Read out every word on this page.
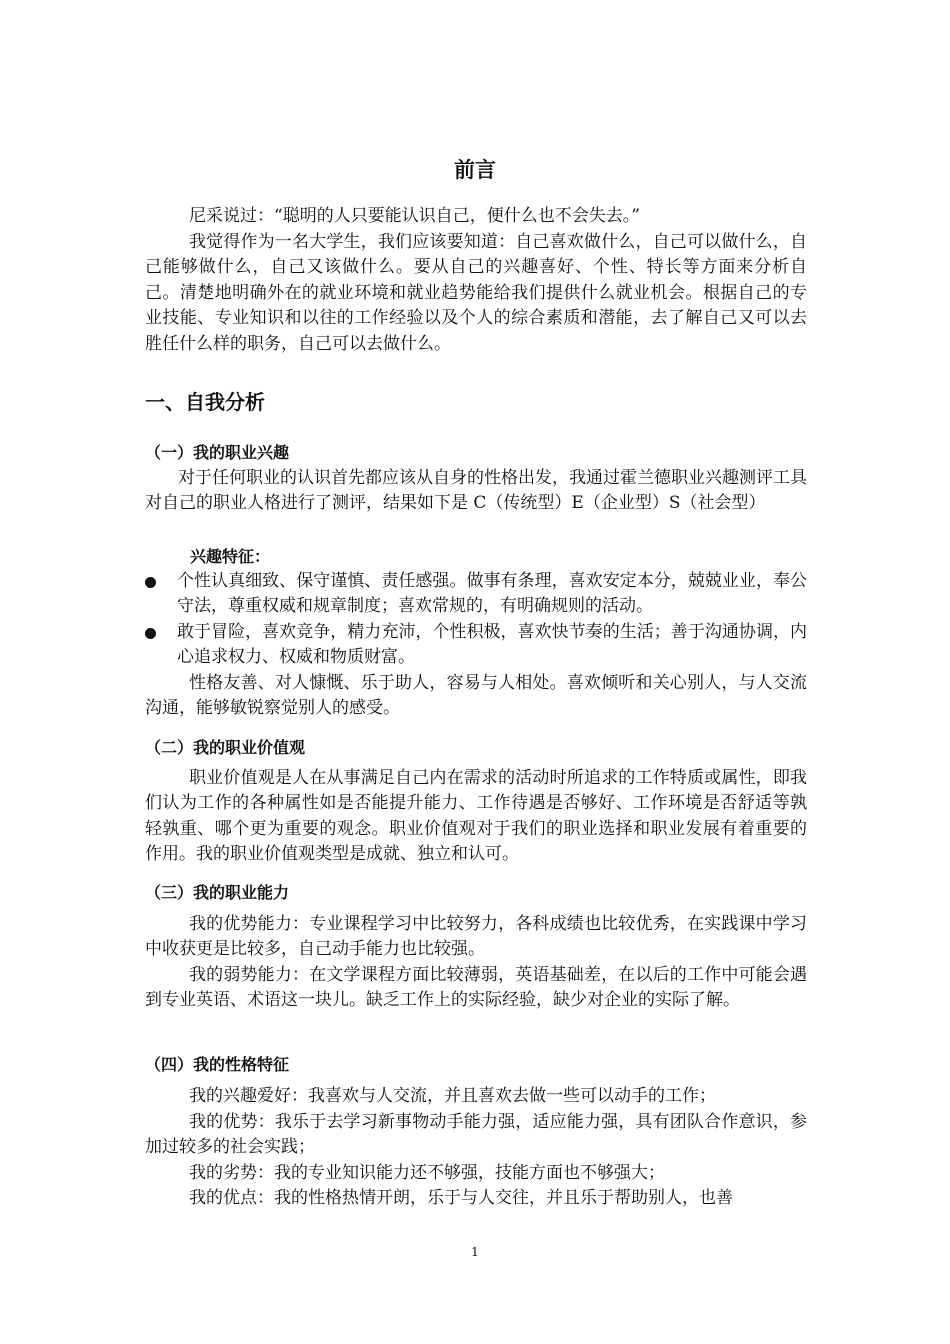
前言

尼采说过：“聪明的人只要能认识自己，便什么也不会失去。”

我觉得作为一名大学生，我们应该要知道：自己喜欢做什么，自己可以做什么，自己能够做什么，自己又该做什么。要从自己的兴趣喜好、个性、特长等方面来分析自己。清楚地明确外在的就业环境和就业趋势能给我们提供什么就业机会。根据自己的专业技能、专业知识和以往的工作经验以及个人的综合素质和潜能，去了解自己又可以去胜任什么样的职务，自己可以去做什么。

一、自我分析
（一）我的职业兴趣

对于任何职业的认识首先都应该从自身的性格出发，我通过霍兰德职业兴趣测评工具对自己的职业人格进行了测评，结果如下是 C（传统型）E（企业型）S（社会型）

兴趣特征：
个性认真细致、保守谨慎、责任感强。做事有条理，喜欢安定本分，兢兢业业，奉公守法，尊重权威和规章制度；喜欢常规的，有明确规则的活动。
敢于冒险，喜欢竞争，精力充沛，个性积极，喜欢快节奏的生活；善于沟通协调，内心追求权力、权威和物质财富。

性格友善、对人慷慨、乐于助人，容易与人相处。喜欢倾听和关心别人，与人交流沟通，能够敏锐察觉别人的感受。

（二）我的职业价值观

职业价值观是人在从事满足自己内在需求的活动时所追求的工作特质或属性，即我们认为工作的各种属性如是否能提升能力、工作待遇是否够好、工作环境是否舒适等孰轻孰重、哪个更为重要的观念。职业价值观对于我们的职业选择和职业发展有着重要的作用。我的职业价值观类型是成就、独立和认可。

（三）我的职业能力

我的优势能力：专业课程学习中比较努力，各科成绩也比较优秀，在实践课中学习中收获更是比较多，自己动手能力也比较强。

我的弱势能力：在文学课程方面比较薄弱，英语基础差，在以后的工作中可能会遇到专业英语、术语这一块儿。缺乏工作上的实际经验，缺少对企业的实际了解。

（四）我的性格特征

我的兴趣爱好：我喜欢与人交流，并且喜欢去做一些可以动手的工作；

我的优势：我乐于去学习新事物动手能力强，适应能力强，具有团队合作意识，参加过较多的社会实践；

我的劣势：我的专业知识能力还不够强，技能方面也不够强大；

我的优点：我的性格热情开朗，乐于与人交往，并且乐于帮助别人，也善

1
